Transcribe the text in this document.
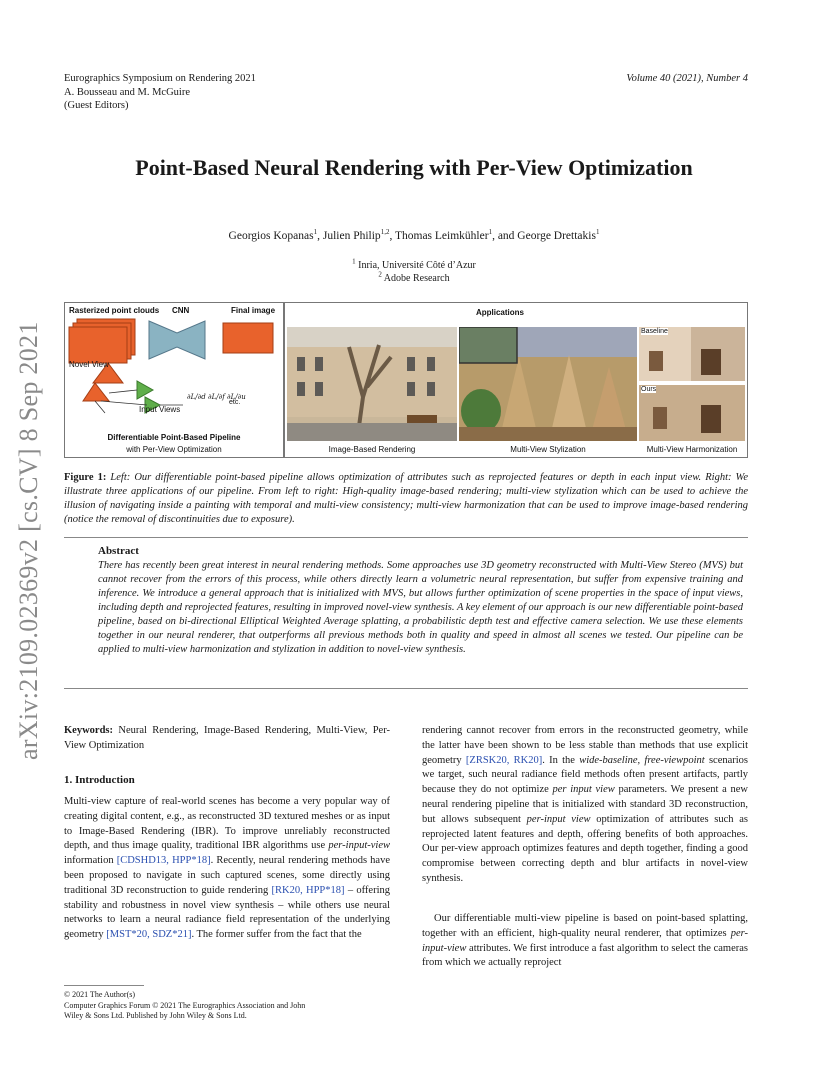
Eurographics Symposium on Rendering 2021
A. Bousseau and M. McGuire
(Guest Editors)
Volume 40 (2021), Number 4
Point-Based Neural Rendering with Per-View Optimization
Georgios Kopanas$^1$, Julien Philip$^{1,2}$, Thomas Leimkühler$^1$, and George Drettakis$^1$
$^1$ Inria, Université Côté d’Azur
$^2$ Adobe Research
arXiv:2109.02369v2 [cs.CV] 8 Sep 2021
Rasterized point clouds CNN	Final image
Novel View
Input Views
∂L/∂d ∂L/∂f ∂L/∂u
etc.
Differentiable Point-Based Pipeline
with Per-View Optimization
Applications
Baseline
Ours
Image-Based Rendering	Multi-View Stylization	Multi-View Harmonization
Figure 1: Left: Our differentiable point-based pipeline allows optimization of attributes such as reprojected features or depth in each input view. Right: We illustrate three applications of our pipeline. From left to right: High-quality image-based rendering; multi-view stylization which can be used to achieve the illusion of navigating inside a painting with temporal and multi-view consistency; multi-view harmonization that can be used to improve image-based rendering (notice the removal of discontinuities due to exposure).
Abstract
There has recently been great interest in neural rendering methods. Some approaches use 3D geometry reconstructed with Multi-View Stereo (MVS) but cannot recover from the errors of this process, while others directly learn a volumetric neural representation, but suffer from expensive training and inference. We introduce a general approach that is initialized with MVS, but allows further optimization of scene properties in the space of input views, including depth and reprojected features, resulting in improved novel-view synthesis. A key element of our approach is our new differentiable point-based pipeline, based on bi-directional Elliptical Weighted Average splatting, a probabilistic depth test and effective camera selection. We use these elements together in our neural renderer, that outperforms all previous methods both in quality and speed in almost all scenes we tested. Our pipeline can be applied to multi-view harmonization and stylization in addition to novel-view synthesis.
Keywords: Neural Rendering, Image-Based Rendering, Multi-View, Per-View Optimization
1. Introduction
Multi-view capture of real-world scenes has become a very popular way of creating digital content, e.g., as reconstructed 3D textured meshes or as input to Image-Based Rendering (IBR). To improve unreliably reconstructed depth, and thus image quality, traditional IBR algorithms use per-input-view information [CDSHD13, HPP*18]. Recently, neural rendering methods have been proposed to navigate in such captured scenes, some directly using traditional 3D reconstruction to guide rendering [RK20, HPP*18] – offering stability and robustness in novel view synthesis – while others use neural networks to learn a neural radiance field representation of the underlying geometry [MST*20, SDZ*21]. The former suffer from the fact that the
rendering cannot recover from errors in the reconstructed geometry, while the latter have been shown to be less stable than methods that use explicit geometry [ZRSK20, RK20]. In the wide-baseline, free-viewpoint scenarios we target, such neural radiance field methods often present artifacts, partly because they do not optimize per input view parameters. We present a new neural rendering pipeline that is initialized with standard 3D reconstruction, but allows subsequent per-input view optimization of attributes such as reprojected latent features and depth, offering benefits of both approaches. Our per-view approach optimizes features and depth together, finding a good compromise between correcting depth and blur artifacts in novel-view synthesis.
Our differentiable multi-view pipeline is based on point-based splatting, together with an efficient, high-quality neural renderer, that optimizes per-input-view attributes. We first introduce a fast algorithm to select the cameras from which we actually reproject
© 2021 The Author(s)
Computer Graphics Forum © 2021 The Eurographics Association and John
Wiley & Sons Ltd. Published by John Wiley & Sons Ltd.
